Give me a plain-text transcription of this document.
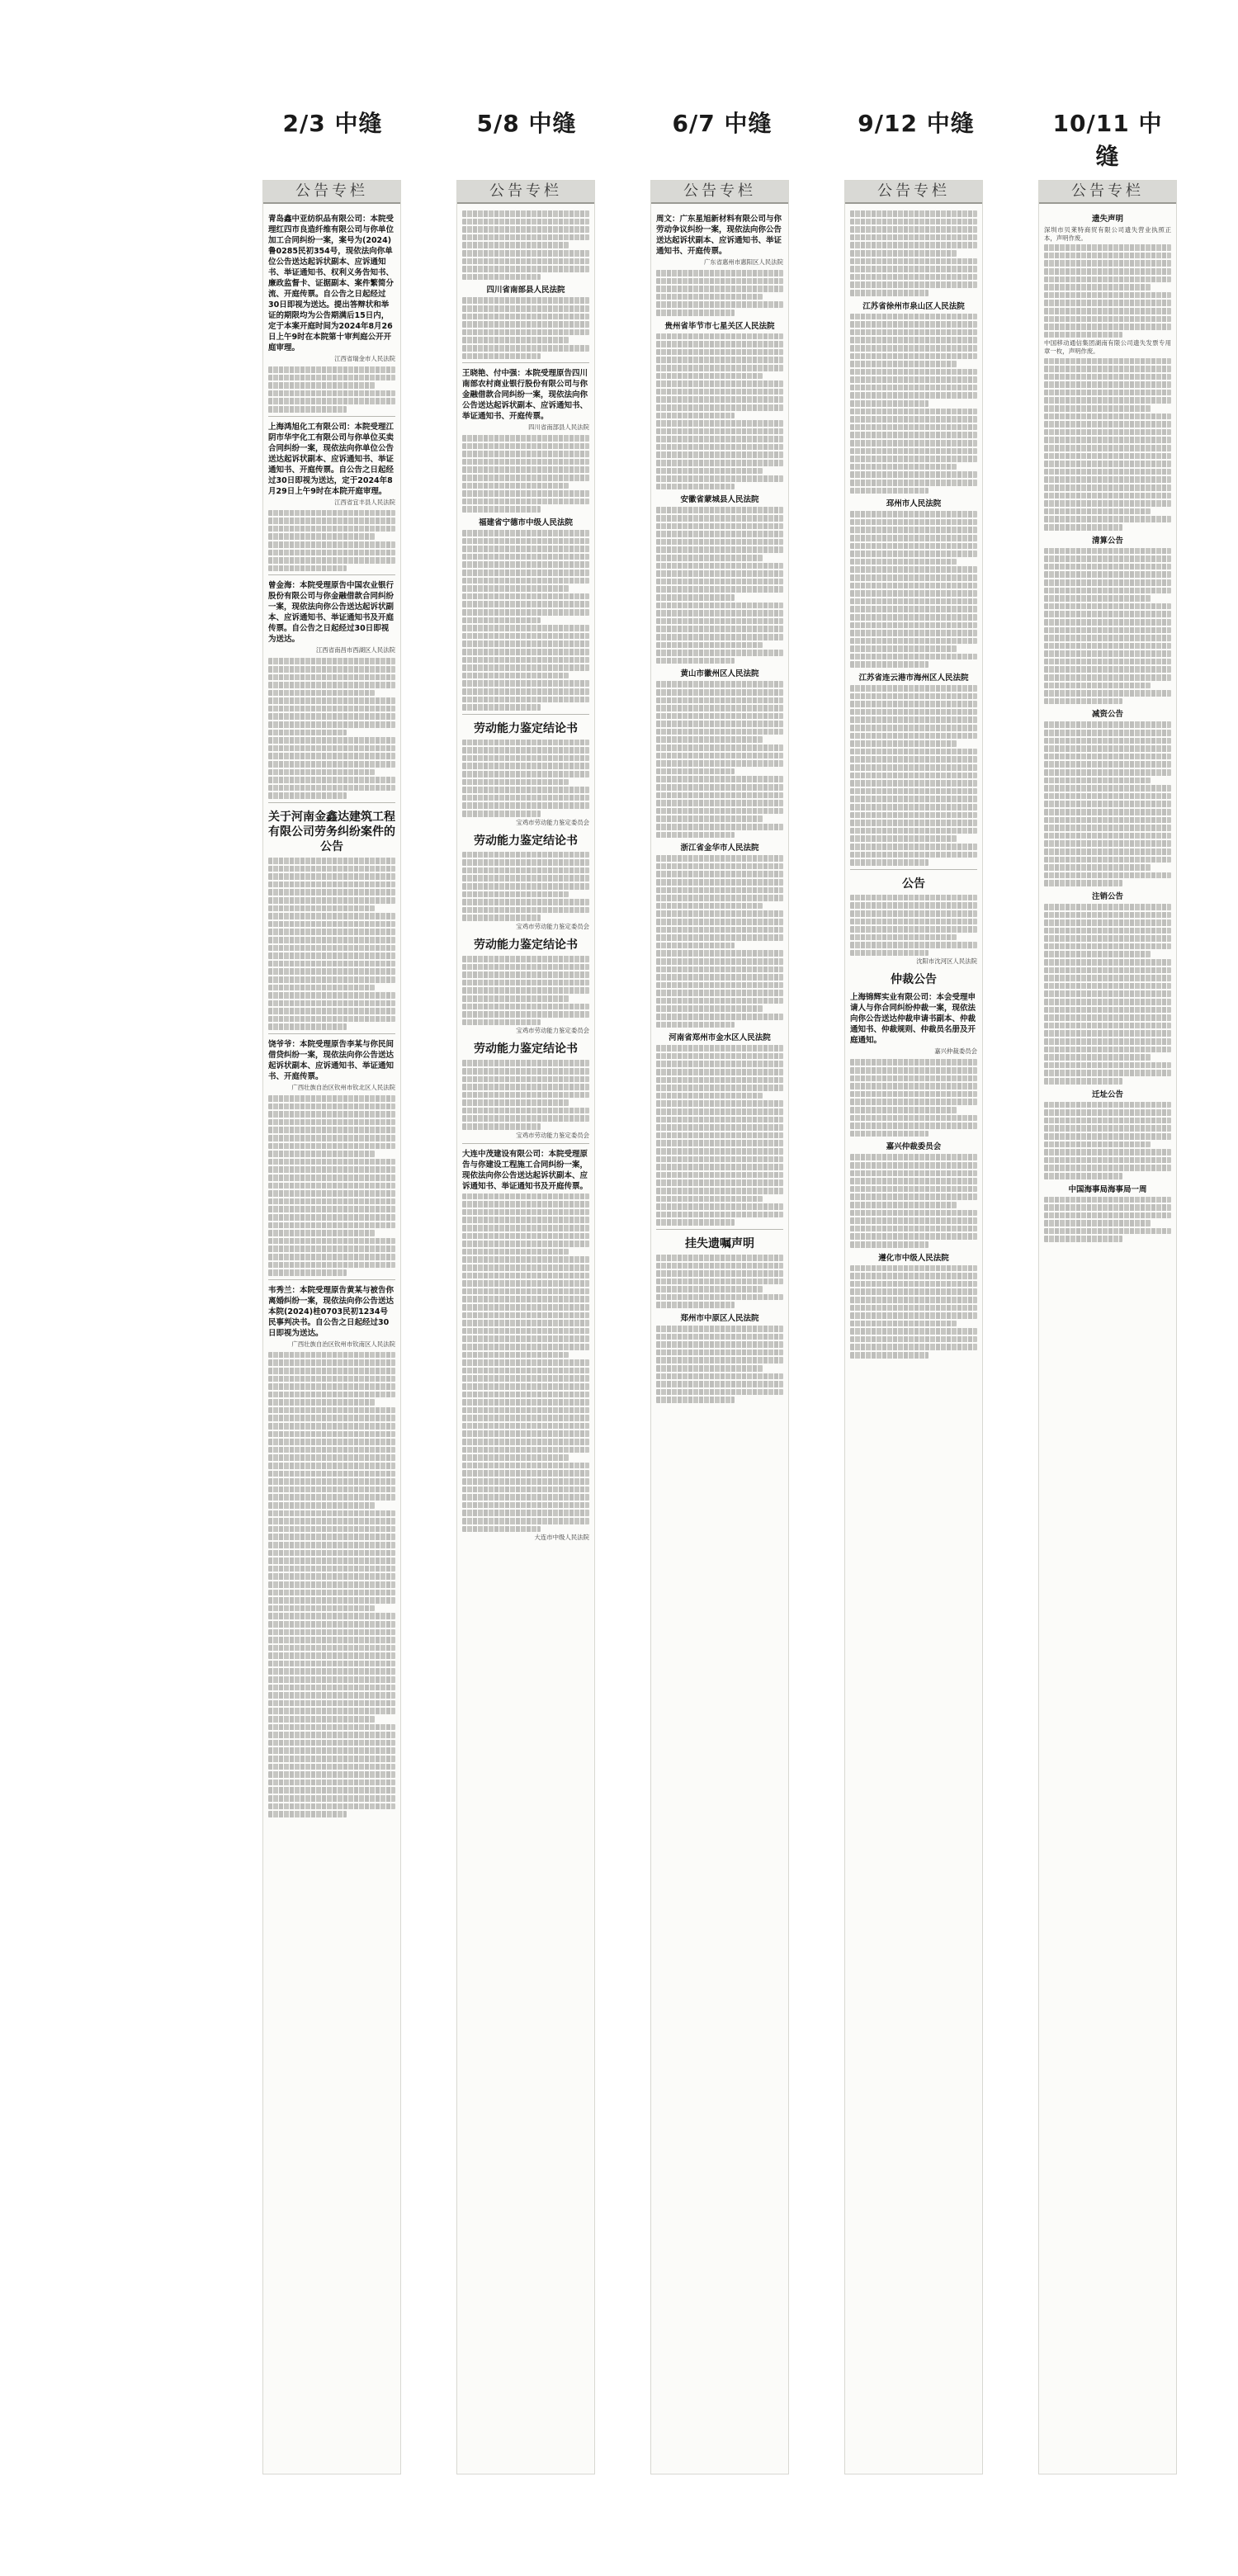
2/3 中缝	5/8 中缝	6/7 中缝	9/12 中缝	10/11 中缝
公告专栏
青岛鑫中亚纺织品有限公司：本院受理红四市良造纤维有限公司与你单位加工合同纠纷一案，案号为(2024)鲁0285民初354号，现依法向你单位公告送达起诉状副本、应诉通知书、举证通知书、权利义务告知书、廉政监督卡、证据副本、案件繁简分流、开庭传票。自公告之日起经过30日即视为送达。提出答辩状和举证的期限均为公告期满后15日内，定于本案开庭时间为2024年8月26日上午9时在本院第十审判庭公开开庭审理。
江西省瑞金市人民法院
上海鸿旭化工有限公司：本院受理江阴市华宇化工有限公司与你单位买卖合同纠纷一案，现依法向你单位公告送达起诉状副本、应诉通知书、举证通知书、开庭传票。自公告之日起经过30日即视为送达，定于2024年8月29日上午9时在本院开庭审理。
江西省宜丰县人民法院
曾金海：本院受理原告中国农业银行股份有限公司与你金融借款合同纠纷一案，现依法向你公告送达起诉状副本、应诉通知书、举证通知书及开庭传票。自公告之日起经过30日即视为送达。
江西省南昌市西湖区人民法院
关于河南金鑫达建筑工程有限公司劳务纠纷案件的公告
饶爷爷：本院受理原告李某与你民间借贷纠纷一案，现依法向你公告送达起诉状副本、应诉通知书、举证通知书、开庭传票。
广西壮族自治区钦州市钦北区人民法院
韦秀兰：本院受理原告黄某与被告你离婚纠纷一案，现依法向你公告送达本院(2024)桂0703民初1234号民事判决书。自公告之日起经过30日即视为送达。
广西壮族自治区钦州市钦南区人民法院
公告专栏
四川省南部县人民法院
王晓艳、付中强：本院受理原告四川南部农村商业银行股份有限公司与你金融借款合同纠纷一案，现依法向你公告送达起诉状副本、应诉通知书、举证通知书、开庭传票。
四川省南部县人民法院
福建省宁德市中级人民法院
劳动能力鉴定结论书
宝鸡市劳动能力鉴定委员会
劳动能力鉴定结论书
宝鸡市劳动能力鉴定委员会
劳动能力鉴定结论书
宝鸡市劳动能力鉴定委员会
劳动能力鉴定结论书
宝鸡市劳动能力鉴定委员会
大连中茂建设有限公司：本院受理原告与你建设工程施工合同纠纷一案，现依法向你公告送达起诉状副本、应诉通知书、举证通知书及开庭传票。
大连市中级人民法院
公告专栏
周文：广东星旭新材料有限公司与你劳动争议纠纷一案，现依法向你公告送达起诉状副本、应诉通知书、举证通知书、开庭传票。
广东省惠州市惠阳区人民法院
贵州省毕节市七星关区人民法院
安徽省蒙城县人民法院
黄山市徽州区人民法院
浙江省金华市人民法院
河南省郑州市金水区人民法院
挂失遗嘱声明
郑州市中原区人民法院
公告专栏
江苏省徐州市泉山区人民法院
邳州市人民法院
江苏省连云港市海州区人民法院
公告
沈阳市沈河区人民法院
仲裁公告
上海锦辉实业有限公司：本会受理申请人与你合同纠纷仲裁一案，现依法向你公告送达仲裁申请书副本、仲裁通知书、仲裁规则、仲裁员名册及开庭通知。
嘉兴仲裁委员会
嘉兴仲裁委员会
遵化市中级人民法院
公告专栏
遗失声明
深圳市贝莱特商贸有限公司遗失营业执照正本，声明作废。
中国移动通信集团湖南有限公司遗失发票专用章一枚，声明作废。
清算公告
减资公告
注销公告
迁址公告
中国海事局海事局一周
